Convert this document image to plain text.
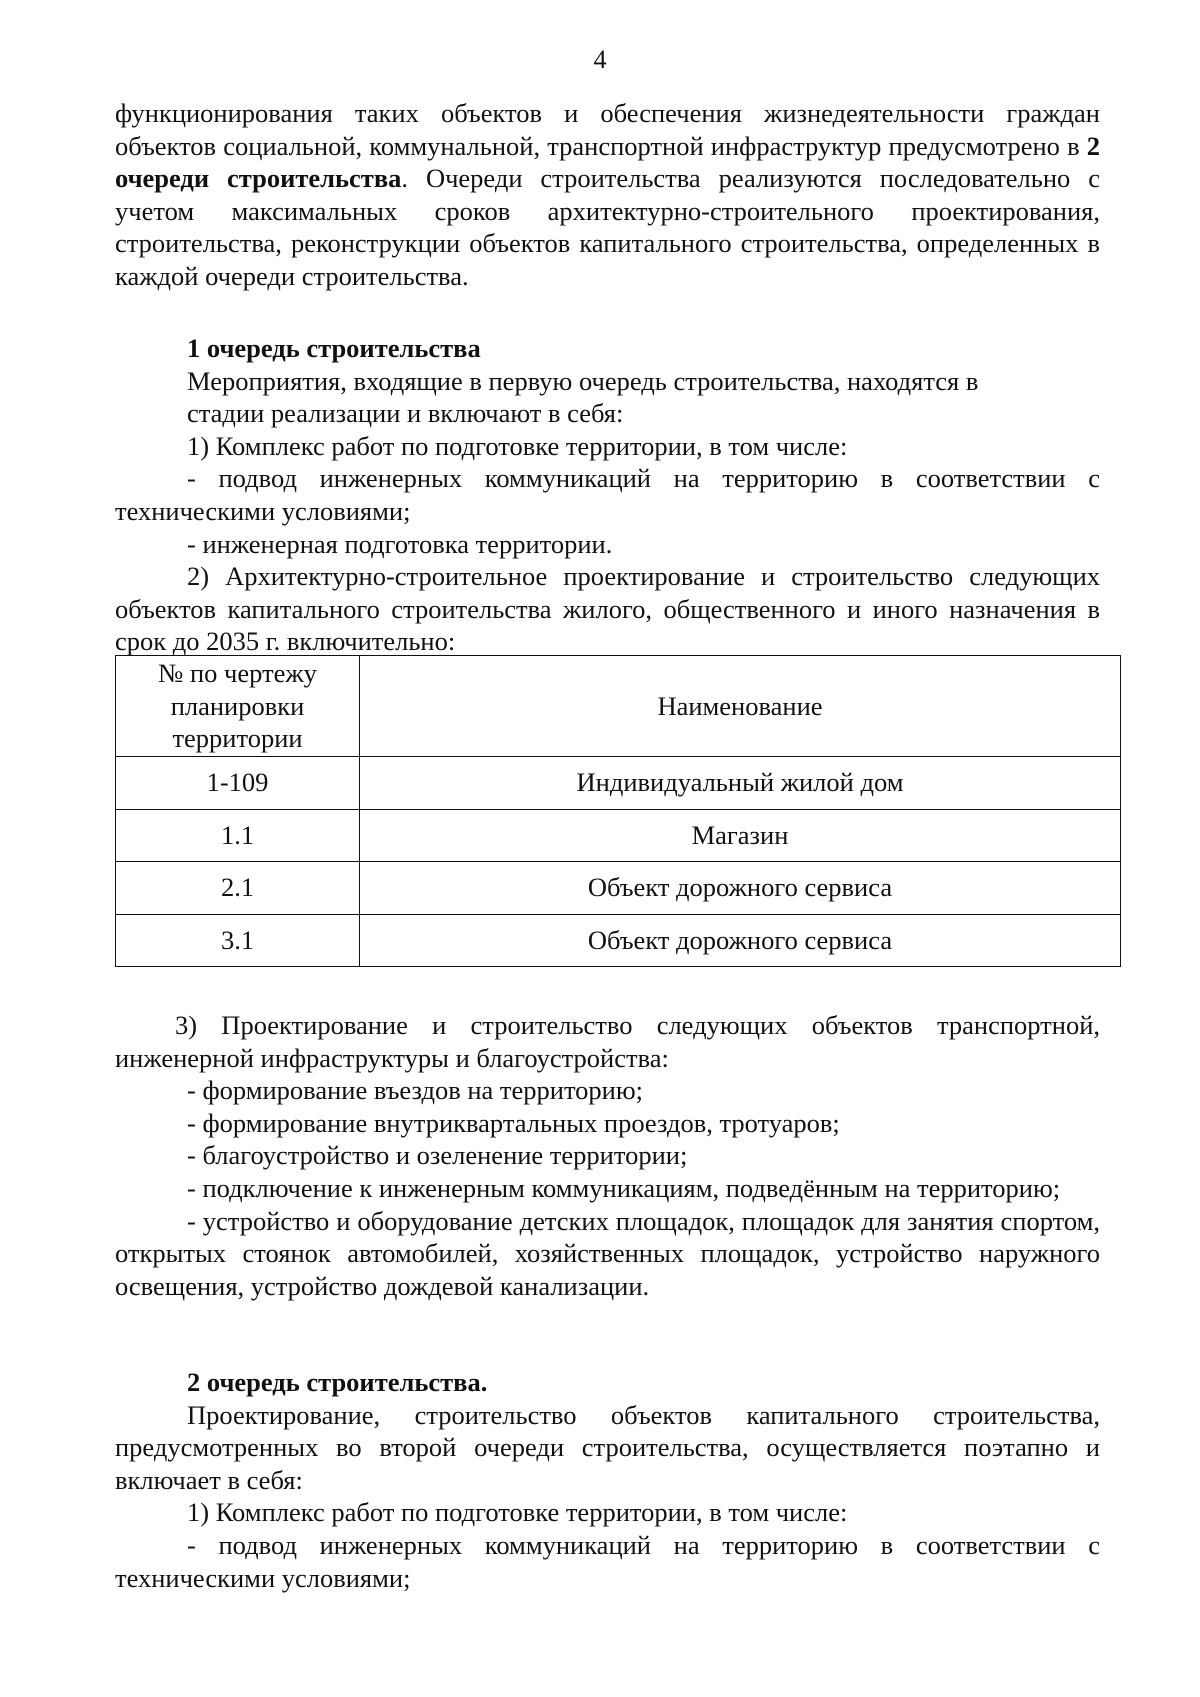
4

функционирования таких объектов и обеспечения жизнедеятельности граждан объектов социальной, коммунальной, транспортной инфраструктур предусмотрено в 2 очереди строительства. Очереди строительства реализуются последовательно с учетом максимальных сроков архитектурно-строительного проектирования, строительства, реконструкции объектов капитального строительства, определенных в каждой очереди строительства.

1 очередь строительства

Мероприятия, входящие в первую очередь строительства, находятся в
стадии реализации и включают в себя:

1) Комплекс работ по подготовке территории, в том числе:

- подвод инженерных коммуникаций на территорию в соответствии с техническими условиями;

- инженерная подготовка территории.

2) Архитектурно-строительное проектирование и строительство следующих объектов капитального строительства жилого, общественного и иного назначения в срок до 2035 г. включительно:

№ по чертежу
планировки
территории	Наименование
1-109	Индивидуальный жилой дом
1.1	Магазин
2.1	Объект дорожного сервиса
3.1	Объект дорожного сервиса

3) Проектирование и строительство следующих объектов транспортной, инженерной инфраструктуры и благоустройства:

- формирование въездов на территорию;

- формирование внутриквартальных проездов, тротуаров;

- благоустройство и озеленение территории;

- подключение к инженерным коммуникациям, подведённым на территорию;

- устройство и оборудование детских площадок, площадок для занятия спортом, открытых стоянок автомобилей, хозяйственных площадок, устройство наружного освещения, устройство дождевой канализации.

2 очередь строительства.

Проектирование, строительство объектов капитального строительства, предусмотренных во второй очереди строительства, осуществляется поэтапно и включает в себя:

1) Комплекс работ по подготовке территории, в том числе:

- подвод инженерных коммуникаций на территорию в соответствии с техническими условиями;
